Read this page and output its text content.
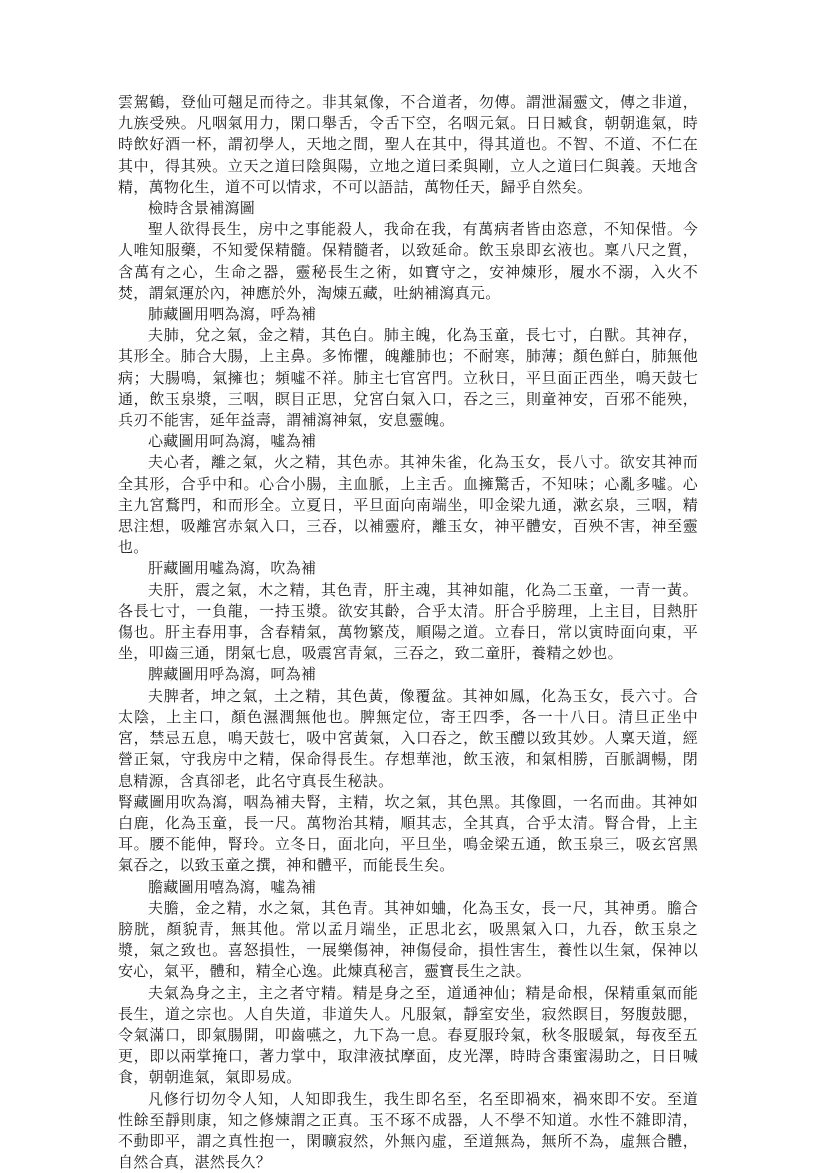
雲駕鶴，登仙可翹足而待之。非其氣像，不合道者，勿傳。謂泄漏靈文，傳之非道，九族受殃。凡咽氣用力，閑口舉舌，令舌下空，名咽元氣。日日臧食，朝朝進氣，時時飲好酒一杯，謂初學人，天地之間，聖人在其中，得其道也。不智、不道、不仁在其中，得其殃。立天之道曰陰與陽，立地之道曰柔與剛，立人之道曰仁與義。天地含精，萬物化生，道不可以情求，不可以語詰，萬物任天，歸乎自然矣。

檢時含景補瀉圖

聖人欲得長生，房中之事能殺人，我命在我，有萬病者皆由恣意，不知保惜。今人唯知服藥，不知愛保精髓。保精髓者，以致延命。飲玉泉即玄液也。稟八尺之質，含萬有之心，生命之器，靈秘長生之術，如寶守之，安神煉形，履水不溺，入火不焚，謂氣運於內，神應於外，淘煉五藏，吐納補瀉真元。

肺藏圖用呬為瀉，呼為補

夫肺，兌之氣，金之精，其色白。肺主魄，化為玉童，長七寸，白獸。其神存，其形全。肺合大腸，上主鼻。多怖懼，魄離肺也；不耐寒，肺薄；顏色鮮白，肺無他病；大腸鳴，氣擁也；頻噓不祥。肺主七官宮門。立秋日，平旦面正西坐，鳴天鼓七通，飲玉泉漿，三咽，瞑目正思，兌宮白氣入口，吞之三，則童神安，百邪不能殃，兵刃不能害，延年益壽，謂補瀉神氣，安息靈魄。

心藏圖用呵為瀉，噓為補

夫心者，離之氣，火之精，其色赤。其神朱雀，化為玉女，長八寸。欲安其神而全其形，合乎中和。心合小腸，主血脈，上主舌。血擁驚舌，不知味；心亂多噓。心主九宮鶩門，和而形全。立夏日，平旦面向南端坐，叩金梁九通，漱玄泉，三咽，精思注想，吸離宮赤氣入口，三吞，以補靈府，離玉女，神平體安，百殃不害，神至靈也。

肝藏圖用噓為瀉，吹為補

夫肝，震之氣，木之精，其色青，肝主魂，其神如龍，化為二玉童，一青一黃。各長七寸，一負龍，一持玉漿。欲安其齡，合乎太清。肝合乎膀理，上主目，目熱肝傷也。肝主春用事，含春精氣，萬物繁茂，順陽之道。立春日，常以寅時面向東，平坐，叩齒三通，閉氣七息，吸震宮青氣，三吞之，致二童肝，養精之妙也。

脾藏圖用呼為瀉，呵為補

夫脾者，坤之氣，土之精，其色黃，像覆盆。其神如鳳，化為玉女，長六寸。合太陰，上主口，顏色濕潤無他也。脾無定位，寄王四季，各一十八日。清旦正坐中宮，禁忌五息，鳴天鼓七，吸中宮黃氣，入口吞之，飲玉醴以致其妙。人稟天道，經營正氣，守我房中之精，保命得長生。存想華池，飲玉液，和氣相勝，百脈調暢，閉息精源，含真卻老，此名守真長生秘訣。

腎藏圖用吹為瀉，咽為補夫腎，主精，坎之氣，其色黑。其像圓，一名而曲。其神如白鹿，化為玉童，長一尺。萬物治其精，順其志，全其真，合乎太清。腎合骨，上主耳。腰不能伸，腎玲。立冬日，面北向，平旦坐，鳴金梁五通，飲玉泉三，吸玄宮黑氣吞之，以致玉童之撰，神和體平，而能長生矣。

膽藏圖用嘻為瀉，噓為補

夫膽，金之精，水之氣，其色青。其神如蛐，化為玉女，長一尺，其神勇。膽合膀胱，顏貌青，無其他。常以孟月端坐，正思北玄，吸黑氣入口，九吞，飲玉泉之漿，氣之致也。喜怒損性，一展樂傷神，神傷侵命，損性害生，養性以生氣，保神以安心，氣平，體和，精全心逸。此煉真秘言，靈寶長生之訣。

夫氣為身之主，主之者守精。精是身之至，道通神仙；精是命根，保精重氣而能長生，道之宗也。人自失道，非道失人。凡服氣，靜室安坐，寂然瞑目，努腹鼓腮，令氣滿口，即氣腸開，叩齒嚥之，九下為一息。春夏服玲氣，秋冬服暖氣，每夜至五更，即以兩掌掩口，著力掌中，取津液拭摩面，皮光澤，時時含棗蜜湯助之，日日喊食，朝朝進氣，氣即易成。

凡修行切勿令人知，人知即我生，我生即名至，名至即禍來，禍來即不安。至道性餘至靜則康，知之修煉謂之正真。玉不琢不成器，人不學不知道。水性不雜即清，不動即平，謂之真性抱一，閑曠寂然，外無內虛，至道無為，無所不為，虛無合體，自然合真，湛然長久？
